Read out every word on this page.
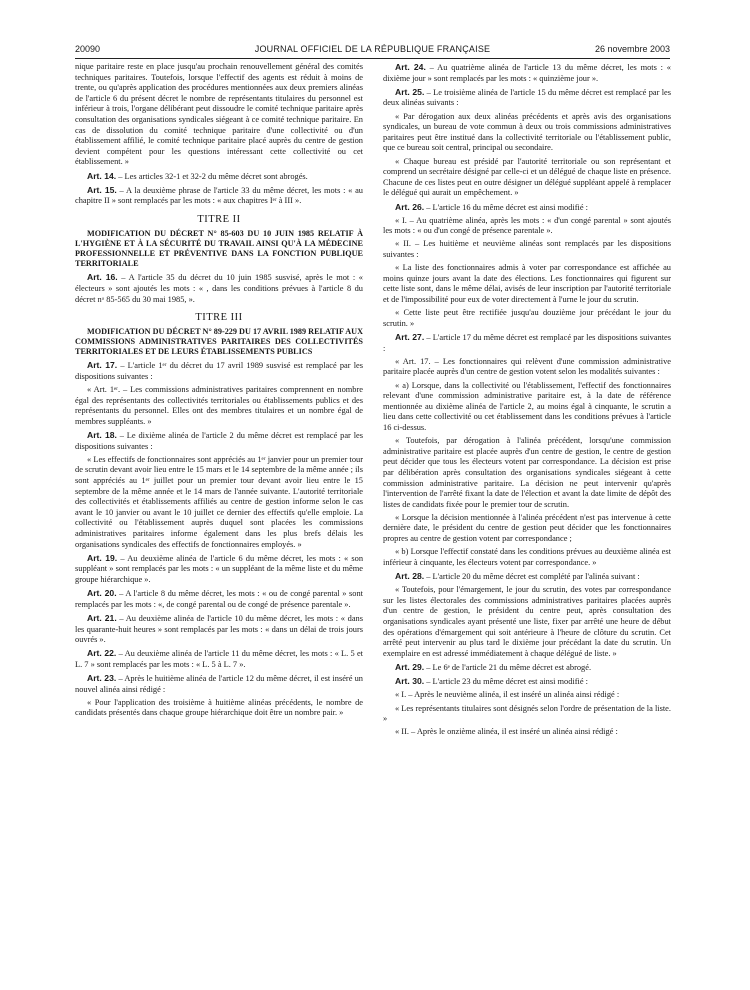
20090	JOURNAL OFFICIEL DE LA RÉPUBLIQUE FRANÇAISE	26 novembre 2003

nique paritaire reste en place jusqu'au prochain renouvellement général des comités techniques paritaires. Toutefois, lorsque l'effectif des agents est réduit à moins de trente, ou qu'après application des procédures mentionnées aux deux premiers alinéas de l'article 6 du présent décret le nombre de représentants titulaires du personnel est inférieur à trois, l'organe délibérant peut dissoudre le comité technique paritaire après consultation des organisations syndicales siégeant à ce comité technique paritaire. En cas de dissolution du comité technique paritaire d'une collectivité ou d'un établissement affilié, le comité technique paritaire placé auprès du centre de gestion devient compétent pour les questions intéressant cette collectivité ou cet établissement. »

Art. 14. – Les articles 32-1 et 32-2 du même décret sont abrogés.

Art. 15. – A la deuxième phrase de l'article 33 du même décret, les mots : « au chapitre II » sont remplacés par les mots : « aux chapitres Iᵉʳ à III ».

TITRE II
MODIFICATION DU DÉCRET N° 85-603 DU 10 JUIN 1985 RELATIF À L'HYGIÈNE ET À LA SÉCURITÉ DU TRAVAIL AINSI QU'À LA MÉDECINE PROFESSIONNELLE ET PRÉVENTIVE DANS LA FONCTION PUBLIQUE TERRITORIALE

Art. 16. – A l'article 35 du décret du 10 juin 1985 susvisé, après le mot : « électeurs » sont ajoutés les mots : « , dans les conditions prévues à l'article 8 du décret nᵒ 85-565 du 30 mai 1985, ».

TITRE III
MODIFICATION DU DÉCRET N° 89-229 DU 17 AVRIL 1989 RELATIF AUX COMMISSIONS ADMINISTRATIVES PARITAIRES DES COLLECTIVITÉS TERRITORIALES ET DE LEURS ÉTABLISSEMENTS PUBLICS

Art. 17. – L'article 1ᵉʳ du décret du 17 avril 1989 susvisé est remplacé par les dispositions suivantes :

« Art. 1ᵉʳ. – Les commissions administratives paritaires comprennent en nombre égal des représentants des collectivités territoriales ou établissements publics et des représentants du personnel. Elles ont des membres titulaires et un nombre égal de membres suppléants. »

Art. 18. – Le dixième alinéa de l'article 2 du même décret est remplacé par les dispositions suivantes :

« Les effectifs de fonctionnaires sont appréciés au 1ᵉʳ janvier pour un premier tour de scrutin devant avoir lieu entre le 15 mars et le 14 septembre de la même année ; ils sont appréciés au 1ᵉʳ juillet pour un premier tour devant avoir lieu entre le 15 septembre de la même année et le 14 mars de l'année suivante. L'autorité territoriale des collectivités et établissements affiliés au centre de gestion informe selon le cas avant le 10 janvier ou avant le 10 juillet ce dernier des effectifs qu'elle emploie. La collectivité ou l'établissement auprès duquel sont placées les commissions administratives paritaires informe également dans les plus brefs délais les organisations syndicales des effectifs de fonctionnaires employés. »

Art. 19. – Au deuxième alinéa de l'article 6 du même décret, les mots : « son suppléant » sont remplacés par les mots : « un suppléant de la même liste et du même groupe hiérarchique ».

Art. 20. – A l'article 8 du même décret, les mots : « ou de congé parental » sont remplacés par les mots : «, de congé parental ou de congé de présence parentale ».

Art. 21. – Au deuxième alinéa de l'article 10 du même décret, les mots : « dans les quarante-huit heures » sont remplacés par les mots : « dans un délai de trois jours ouvrés ».

Art. 22. – Au deuxième alinéa de l'article 11 du même décret, les mots : « L. 5 et L. 7 » sont remplacés par les mots : « L. 5 à L. 7 ».

Art. 23. – Après le huitième alinéa de l'article 12 du même décret, il est inséré un nouvel alinéa ainsi rédigé :

« Pour l'application des troisième à huitième alinéas précédents, le nombre de candidats présentés dans chaque groupe hiérarchique doit être un nombre pair. »

Art. 24. – Au quatrième alinéa de l'article 13 du même décret, les mots : « dixième jour » sont remplacés par les mots : « quinzième jour ».

Art. 25. – Le troisième alinéa de l'article 15 du même décret est remplacé par les deux alinéas suivants :

« Par dérogation aux deux alinéas précédents et après avis des organisations syndicales, un bureau de vote commun à deux ou trois commissions administratives paritaires peut être institué dans la collectivité territoriale ou l'établissement public, que ce bureau soit central, principal ou secondaire.

« Chaque bureau est présidé par l'autorité territoriale ou son représentant et comprend un secrétaire désigné par celle-ci et un délégué de chaque liste en présence. Chacune de ces listes peut en outre désigner un délégué suppléant appelé à remplacer le délégué qui aurait un empêchement. »

Art. 26. – L'article 16 du même décret est ainsi modifié :

« I. – Au quatrième alinéa, après les mots : « d'un congé parental » sont ajoutés les mots : « ou d'un congé de présence parentale ».

« II. – Les huitième et neuvième alinéas sont remplacés par les dispositions suivantes :

« La liste des fonctionnaires admis à voter par correspondance est affichée au moins quinze jours avant la date des élections. Les fonctionnaires qui figurent sur cette liste sont, dans le même délai, avisés de leur inscription par l'autorité territoriale et de l'impossibilité pour eux de voter directement à l'urne le jour du scrutin.

« Cette liste peut être rectifiée jusqu'au douzième jour précédant le jour du scrutin. »

Art. 27. – L'article 17 du même décret est remplacé par les dispositions suivantes :

« Art. 17. – Les fonctionnaires qui relèvent d'une commission administrative paritaire placée auprès d'un centre de gestion votent selon les modalités suivantes :

« a) Lorsque, dans la collectivité ou l'établissement, l'effectif des fonctionnaires relevant d'une commission administrative paritaire est, à la date de référence mentionnée au dixième alinéa de l'article 2, au moins égal à cinquante, le scrutin a lieu dans cette collectivité ou cet établissement dans les conditions prévues à l'article 16 ci-dessus.

« Toutefois, par dérogation à l'alinéa précédent, lorsqu'une commission administrative paritaire est placée auprès d'un centre de gestion, le centre de gestion peut décider que tous les électeurs votent par correspondance. La décision est prise par délibération après consultation des organisations syndicales siégeant à cette commission administrative paritaire. La décision ne peut intervenir qu'après l'intervention de l'arrêté fixant la date de l'élection et avant la date limite de dépôt des listes de candidats fixée pour le premier tour de scrutin.

« Lorsque la décision mentionnée à l'alinéa précédent n'est pas intervenue à cette dernière date, le président du centre de gestion peut décider que les fonctionnaires propres au centre de gestion votent par correspondance ;

« b) Lorsque l'effectif constaté dans les conditions prévues au deuxième alinéa est inférieur à cinquante, les électeurs votent par correspondance. »

Art. 28. – L'article 20 du même décret est complété par l'alinéa suivant :

« Toutefois, pour l'émargement, le jour du scrutin, des votes par correspondance sur les listes électorales des commissions administratives paritaires placées auprès d'un centre de gestion, le président du centre peut, après consultation des organisations syndicales ayant présenté une liste, fixer par arrêté une heure de début des opérations d'émargement qui soit antérieure à l'heure de clôture du scrutin. Cet arrêté peut intervenir au plus tard le dixième jour précédant la date du scrutin. Un exemplaire en est adressé immédiatement à chaque délégué de liste. »

Art. 29. – Le 6ᵉ de l'article 21 du même décret est abrogé.

Art. 30. – L'article 23 du même décret est ainsi modifié :

« I. – Après le neuvième alinéa, il est inséré un alinéa ainsi rédigé :

« Les représentants titulaires sont désignés selon l'ordre de présentation de la liste. »

« II. – Après le onzième alinéa, il est inséré un alinéa ainsi rédigé :
